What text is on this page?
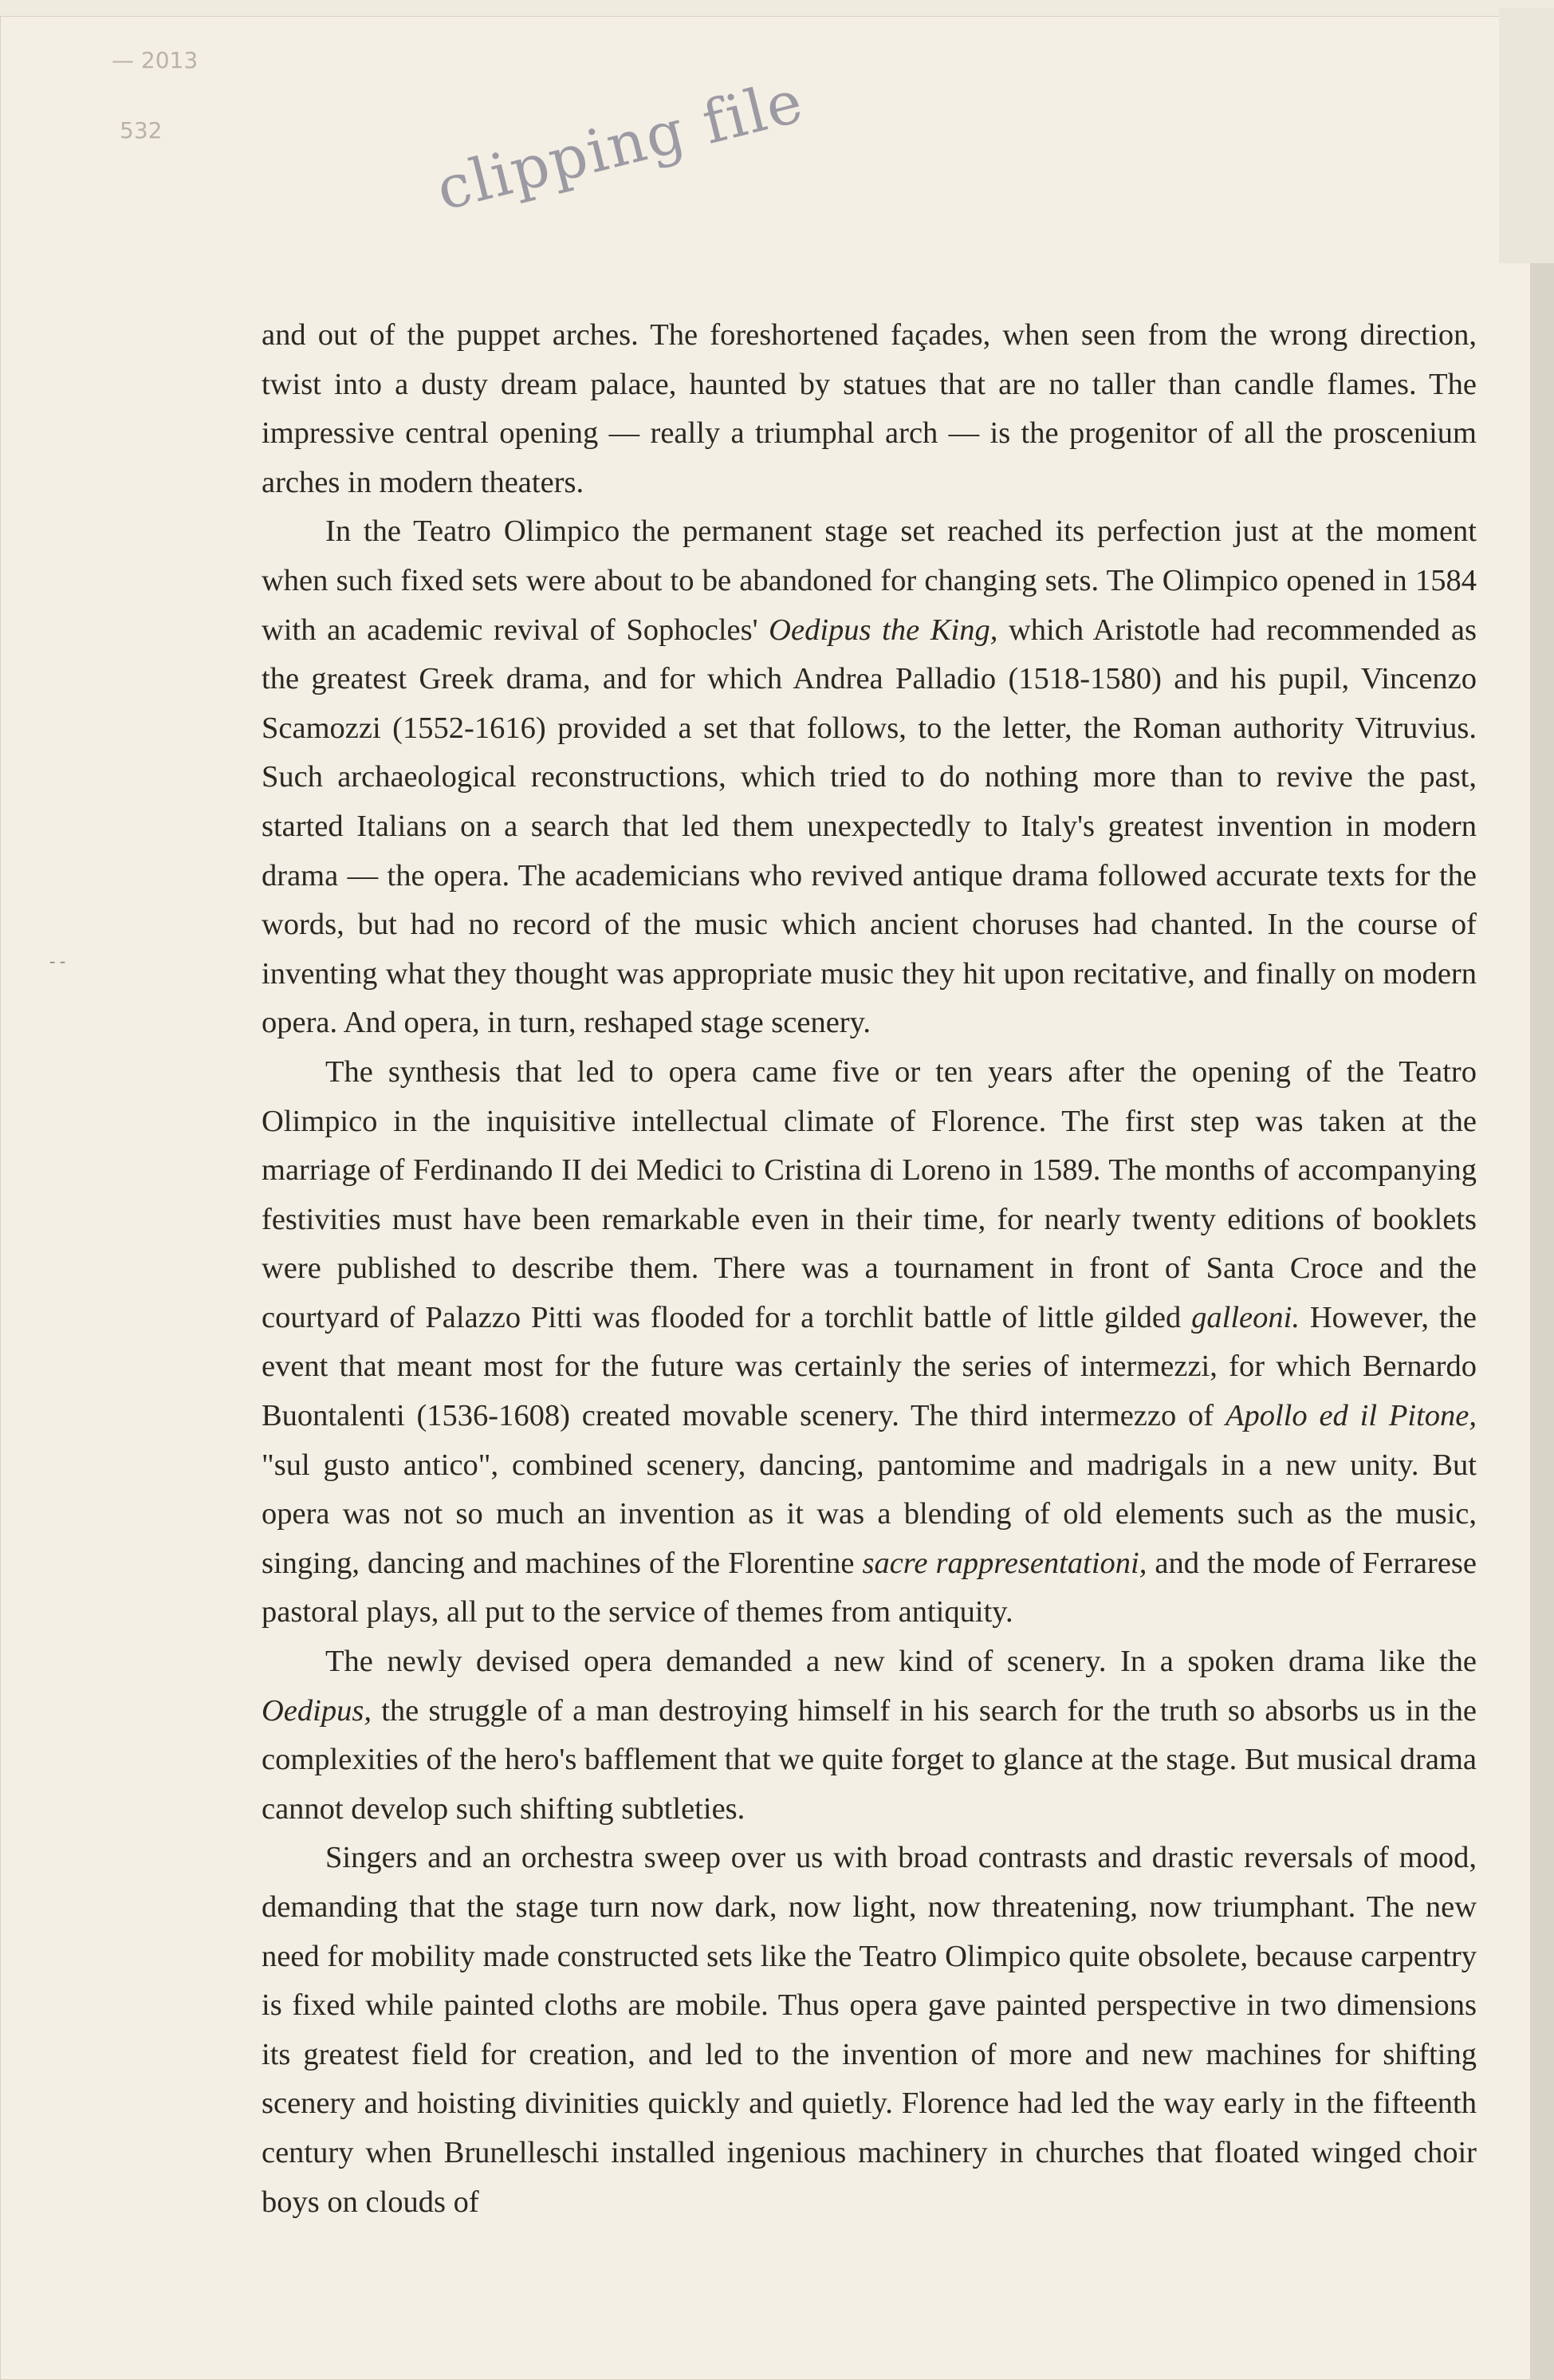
— 2013
532	clipping file
- -

and out of the puppet arches. The foreshortened façades, when seen from the wrong direction, twist into a dusty dream palace, haunted by statues that are no taller than candle flames. The impressive central opening — really a triumphal arch — is the progenitor of all the proscenium arches in modern theaters.

In the Teatro Olimpico the permanent stage set reached its perfection just at the moment when such fixed sets were about to be abandoned for changing sets. The Olimpico opened in 1584 with an academic revival of Sophocles' Oedipus the King, which Aristotle had recommended as the greatest Greek drama, and for which Andrea Palladio (1518-1580) and his pupil, Vincenzo Scamozzi (1552-1616) provided a set that follows, to the letter, the Roman authority Vitruvius. Such archaeological reconstructions, which tried to do nothing more than to revive the past, started Italians on a search that led them unexpectedly to Italy's greatest invention in modern drama — the opera. The academicians who revived antique drama followed accurate texts for the words, but had no record of the music which ancient choruses had chanted. In the course of inventing what they thought was appropriate music they hit upon recitative, and finally on modern opera. And opera, in turn, reshaped stage scenery.

The synthesis that led to opera came five or ten years after the opening of the Teatro Olimpico in the inquisitive intellectual climate of Florence. The first step was taken at the marriage of Ferdinando II dei Medici to Cristina di Loreno in 1589. The months of accompanying festivities must have been remarkable even in their time, for nearly twenty editions of booklets were published to describe them. There was a tournament in front of Santa Croce and the courtyard of Palazzo Pitti was flooded for a torchlit battle of little gilded galleoni. However, the event that meant most for the future was certainly the series of intermezzi, for which Bernardo Buontalenti (1536-1608) created movable scenery. The third intermezzo of Apollo ed il Pitone, "sul gusto antico", combined scenery, dancing, pantomime and madrigals in a new unity. But opera was not so much an invention as it was a blending of old elements such as the music, singing, dancing and machines of the Florentine sacre rappresentationi, and the mode of Ferrarese pastoral plays, all put to the service of themes from antiquity.

The newly devised opera demanded a new kind of scenery. In a spoken drama like the Oedipus, the struggle of a man destroying himself in his search for the truth so absorbs us in the complexities of the hero's bafflement that we quite forget to glance at the stage. But musical drama cannot develop such shifting subtleties.

Singers and an orchestra sweep over us with broad contrasts and drastic reversals of mood, demanding that the stage turn now dark, now light, now threatening, now triumphant. The new need for mobility made constructed sets like the Teatro Olimpico quite obsolete, because carpentry is fixed while painted cloths are mobile. Thus opera gave painted perspective in two dimensions its greatest field for creation, and led to the invention of more and new machines for shifting scenery and hoisting divinities quickly and quietly. Florence had led the way early in the fifteenth century when Brunelleschi installed ingenious machinery in churches that floated winged choir boys on clouds of
